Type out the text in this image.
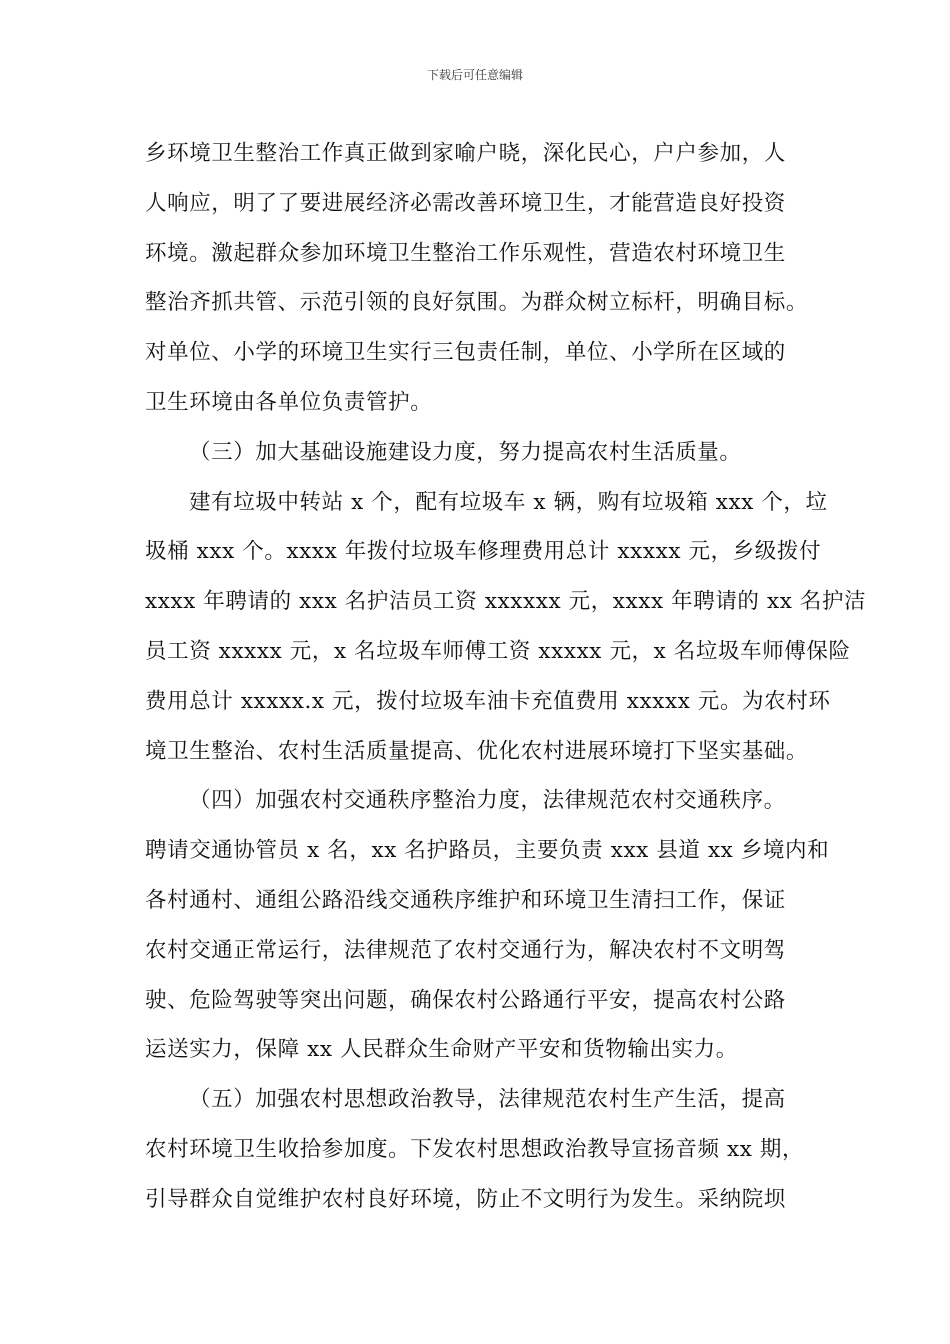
下载后可任意编辑
乡环境卫生整治工作真正做到家喻户晓，深化民心，户户参加，人
人响应，明了了要进展经济必需改善环境卫生，才能营造良好投资
环境。激起群众参加环境卫生整治工作乐观性，营造农村环境卫生
整治齐抓共管、示范引领的良好氛围。为群众树立标杆，明确目标。
对单位、小学的环境卫生实行三包责任制，单位、小学所在区域的
卫生环境由各单位负责管护。
（三）加大基础设施建设力度，努力提高农村生活质量。
建有垃圾中转站 x 个，配有垃圾车 x 辆，购有垃圾箱 xxx 个，垃
圾桶 xxx 个。xxxx 年拨付垃圾车修理费用总计 xxxxx 元，乡级拨付
xxxx 年聘请的 xxx 名护洁员工资 xxxxxx 元，xxxx 年聘请的 xx 名护洁
员工资 xxxxx 元，x 名垃圾车师傅工资 xxxxx 元，x 名垃圾车师傅保险
费用总计 xxxxx.x 元，拨付垃圾车油卡充值费用 xxxxx 元。为农村环
境卫生整治、农村生活质量提高、优化农村进展环境打下坚实基础。
（四）加强农村交通秩序整治力度，法律规范农村交通秩序。
聘请交通协管员 x 名，xx 名护路员，主要负责 xxx 县道 xx 乡境内和
各村通村、通组公路沿线交通秩序维护和环境卫生清扫工作，保证
农村交通正常运行，法律规范了农村交通行为，解决农村不文明驾
驶、危险驾驶等突出问题，确保农村公路通行平安，提高农村公路
运送实力，保障 xx 人民群众生命财产平安和货物输出实力。
（五）加强农村思想政治教导，法律规范农村生产生活，提高
农村环境卫生收拾参加度。下发农村思想政治教导宣扬音频 xx 期，
引导群众自觉维护农村良好环境，防止不文明行为发生。采纳院坝
